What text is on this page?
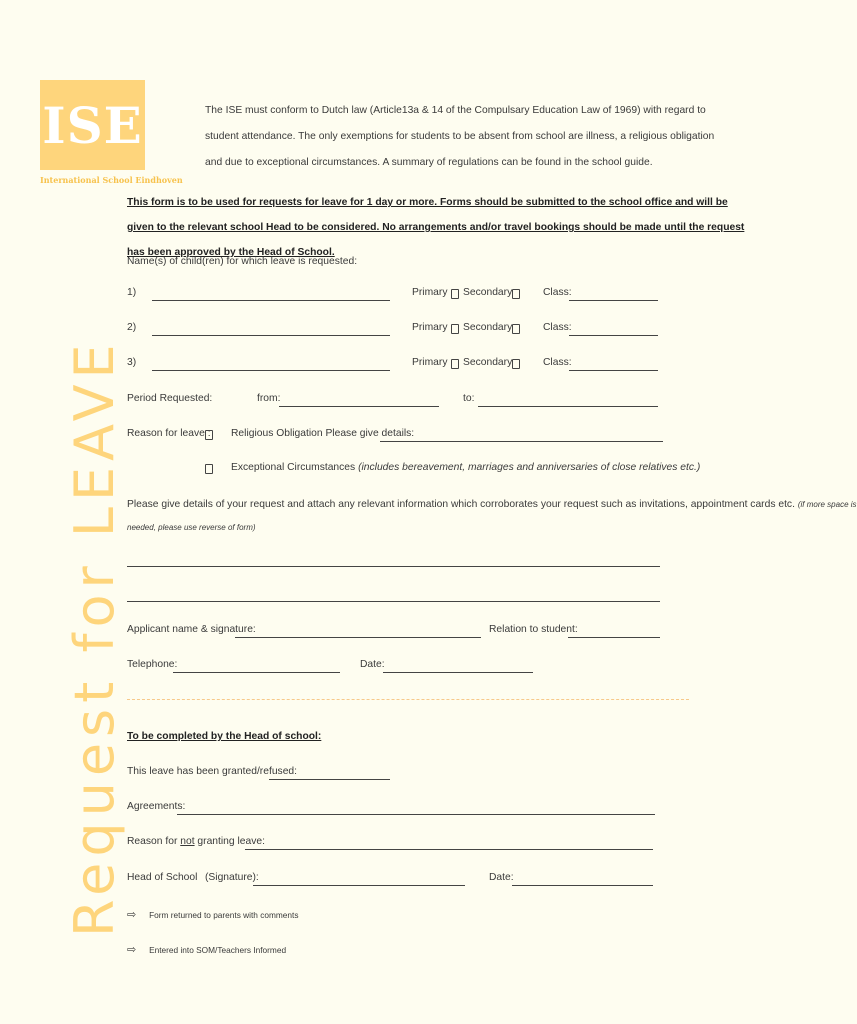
ISE
International School Eindhoven
Request for LEAVE
The ISE must conform to Dutch law (Article13a & 14 of the Compulsary Education Law of 1969) with regard to student attendance. The only exemptions for students to be absent from school are illness, a religious obligation and due to exceptional circumstances. A summary of regulations can be found in the school guide.
This form is to be used for requests for leave for 1 day or more. Forms should be submitted to the school office and will be given to the relevant school Head to be considered. No arrangements and/or travel bookings should be made until the request has been approved by the Head of School.
Name(s) of child(ren) for which leave is requested:
1)	Primary Secondary	Class:
2)	Primary Secondary	Class:
3)	Primary Secondary	Class:
Period Requested:	from:	to:
Reason for leave : Religious Obligation Please give details:
Exceptional Circumstances (includes bereavement, marriages and anniversaries of close relatives etc.)
Please give details of your request and attach any relevant information which corroborates your request such as invitations, appointment cards etc. (if more space is
needed, please use reverse of form)
Applicant name & signature:	Relation to student:
Telephone:	Date:
To be completed by the Head of school:
This leave has been granted/refused:
Agreements:
Reason for not granting leave:
Head of School (Signature):	Date:
⇨ Form returned to parents with comments
⇨ Entered into SOM/Teachers Informed
